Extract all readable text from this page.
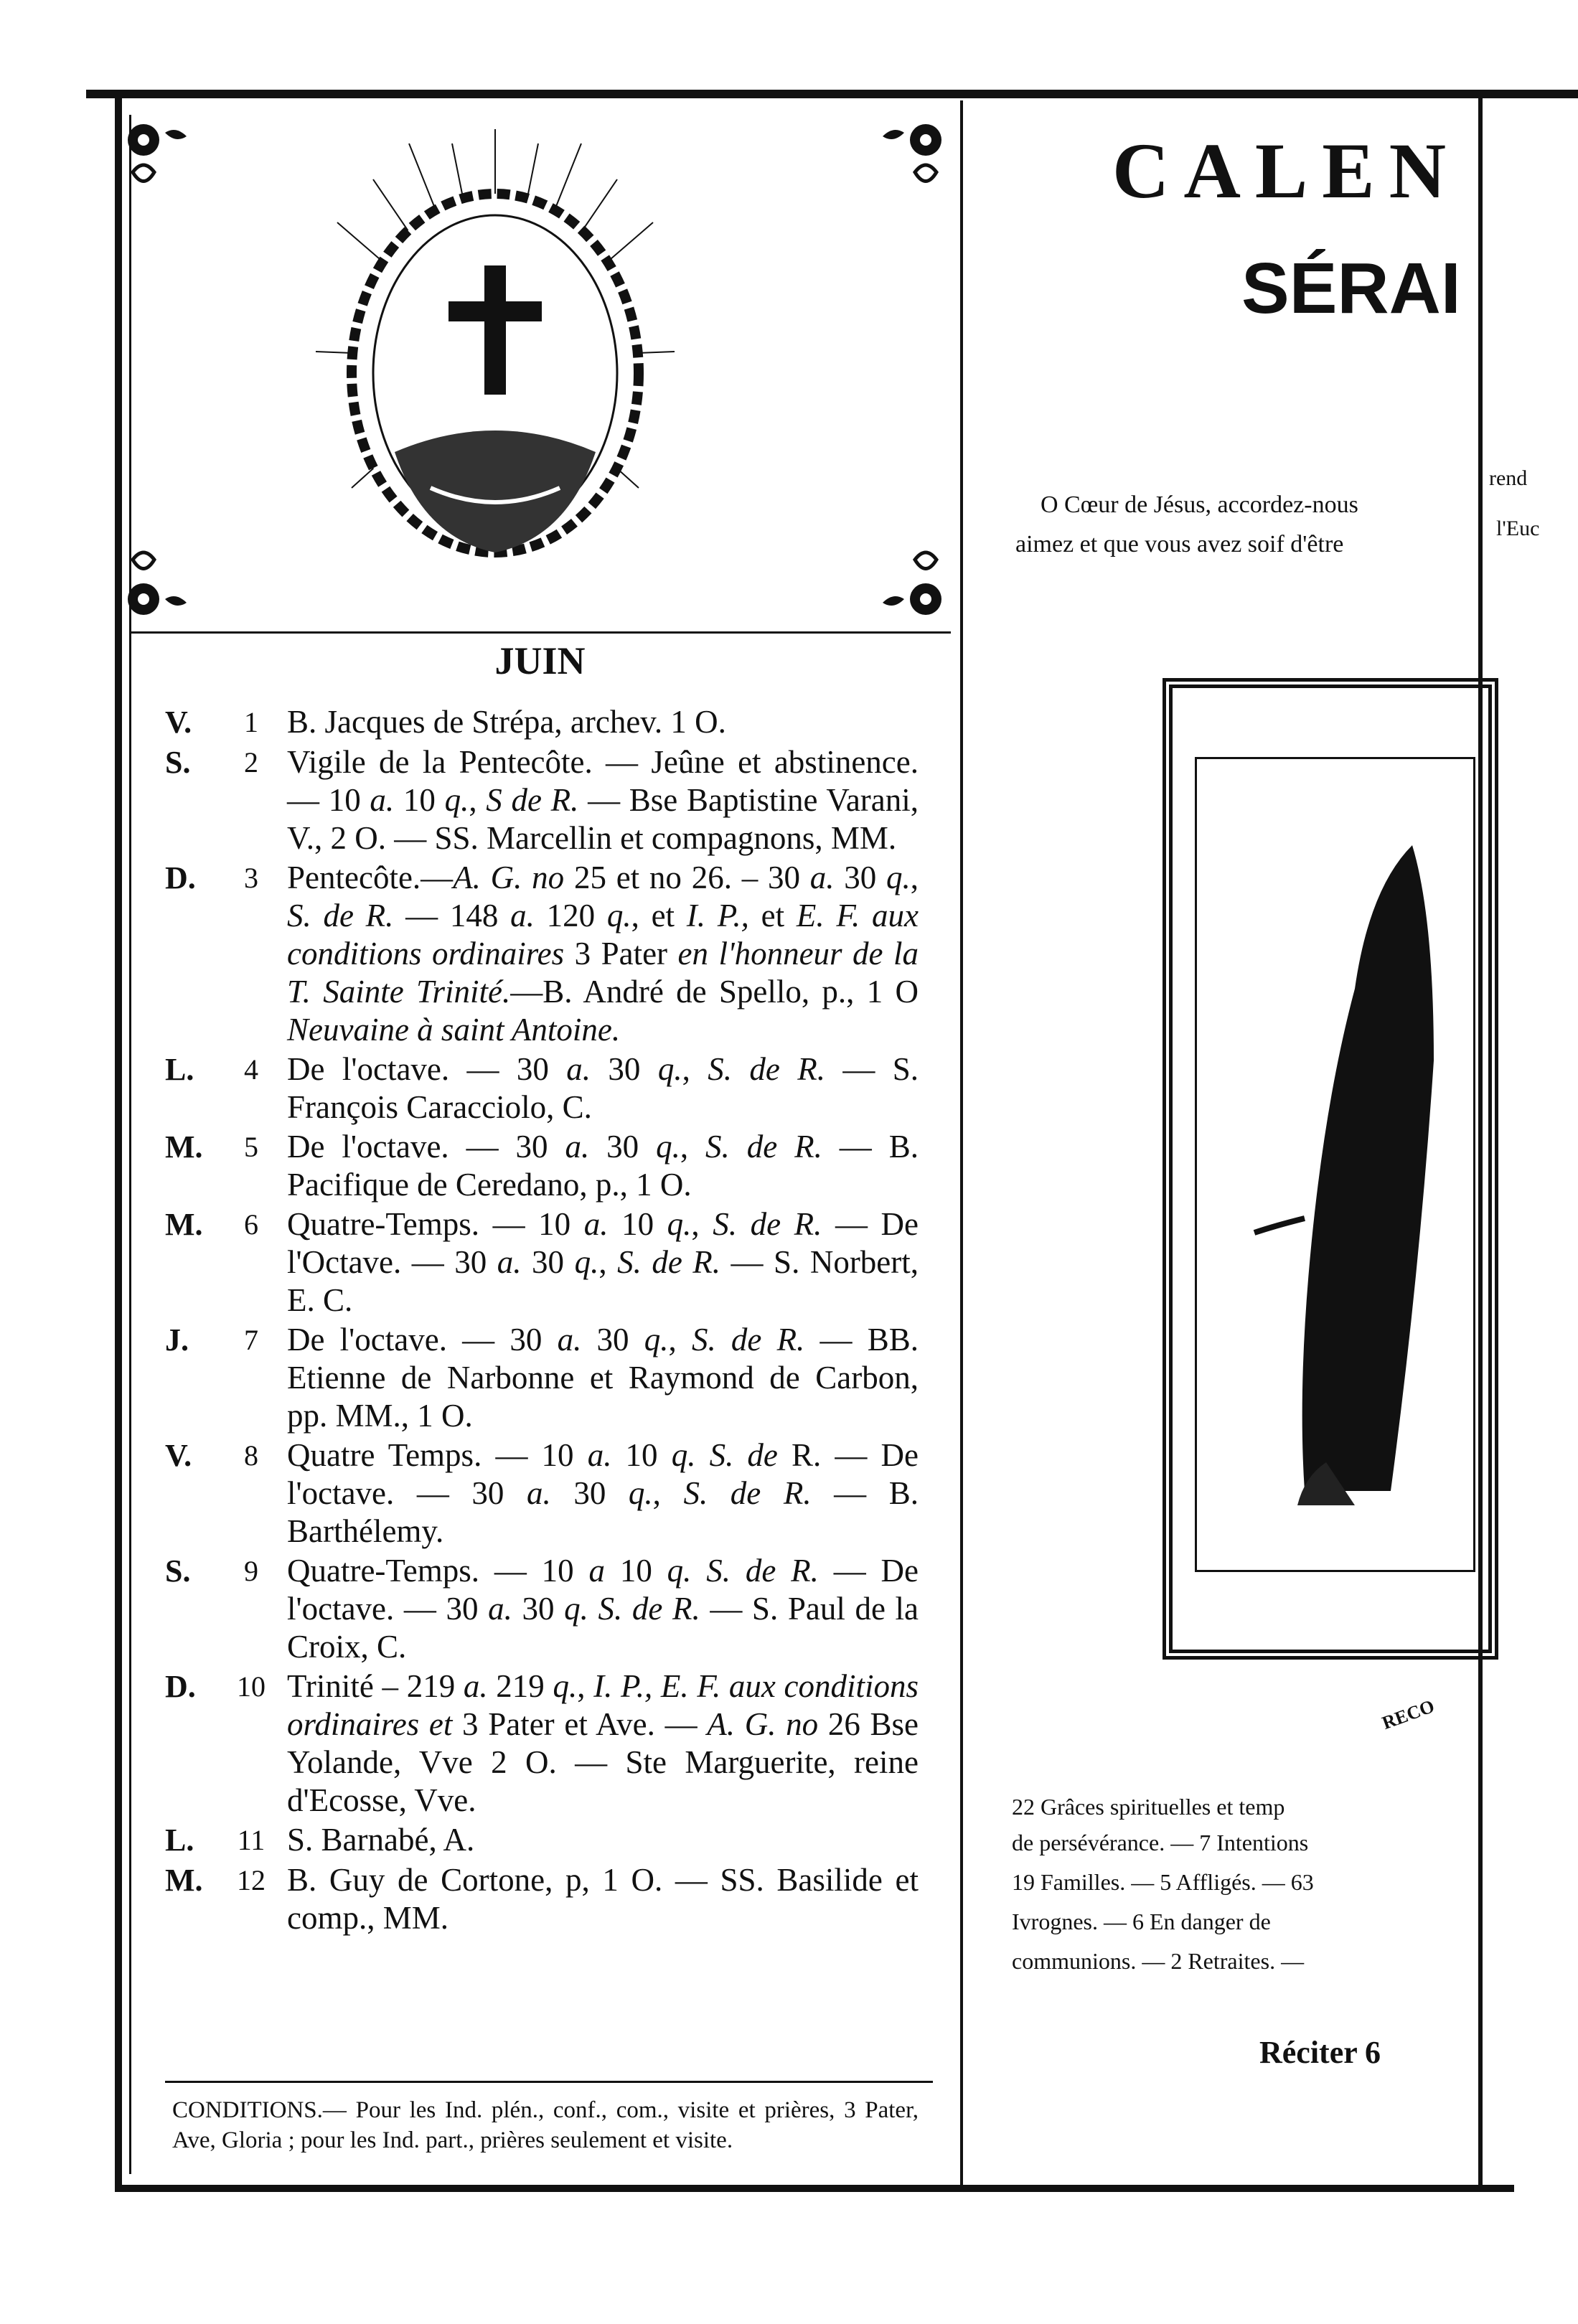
JUIN
V.	1 B. Jacques de Strépa, archev. 1 O.
S.	2 Vigile de la Pentecôte. — Jeûne et abstinence. — 10 a. 10 q., S de R. — Bse Baptistine Varani, V., 2 O. — SS. Marcellin et compagnons, MM.
D.	3 Pentecôte.—A. G. no 25 et no 26. – 30 a. 30 q., S. de R. — 148 a. 120 q., et I. P., et E. F. aux conditions ordinaires 3 Pater en l'honneur de la T. Sainte Trinité.—B. André de Spello, p., 1 O Neuvaine à saint Antoine.
L.	4 De l'octave. — 30 a. 30 q., S. de R. — S. François Caracciolo, C.
M.	5 De l'octave. — 30 a. 30 q., S. de R. — B. Pacifique de Ceredano, p., 1 O.
M.	6 Quatre-Temps. — 10 a. 10 q., S. de R. — De l'Octave. — 30 a. 30 q., S. de R. — S. Norbert, E. C.
J.	7 De l'octave. — 30 a. 30 q., S. de R. — BB. Etienne de Narbonne et Raymond de Carbon, pp. MM., 1 O.
V.	8 Quatre Temps. — 10 a. 10 q. S. de R. — De l'octave. — 30 a. 30 q., S. de R. — B. Barthélemy.
S.	9 Quatre-Temps. — 10 a 10 q. S. de R. — De l'octave. — 30 a. 30 q. S. de R. — S. Paul de la Croix, C.
D.	10 Trinité – 219 a. 219 q., I. P., E. F. aux conditions ordinaires et 3 Pater et Ave. — A. G. no 26 Bse Yolande, Vve 2 O. — Ste Marguerite, reine d'Ecosse, Vve.
L.	11 S. Barnabé, A.
M.	12 B. Guy de Cortone, p, 1 O. — SS. Basilide et comp., MM.
CONDITIONS.— Pour les Ind. plén., conf., com., visite et prières, 3 Pater, Ave, Gloria ; pour les Ind. part., prières seulement et visite.
CALEN
SÉRAI
O Cœur de Jésus, accordez-nous
aimez et que vous avez soif d'être
rend
l'Euc
RECO
22 Grâces spirituelles et temp
de persévérance. — 7 Intentions
19 Familles. — 5 Affligés. — 63
Ivrognes. — 6 En danger de
communions. — 2 Retraites. —
Réciter 6
